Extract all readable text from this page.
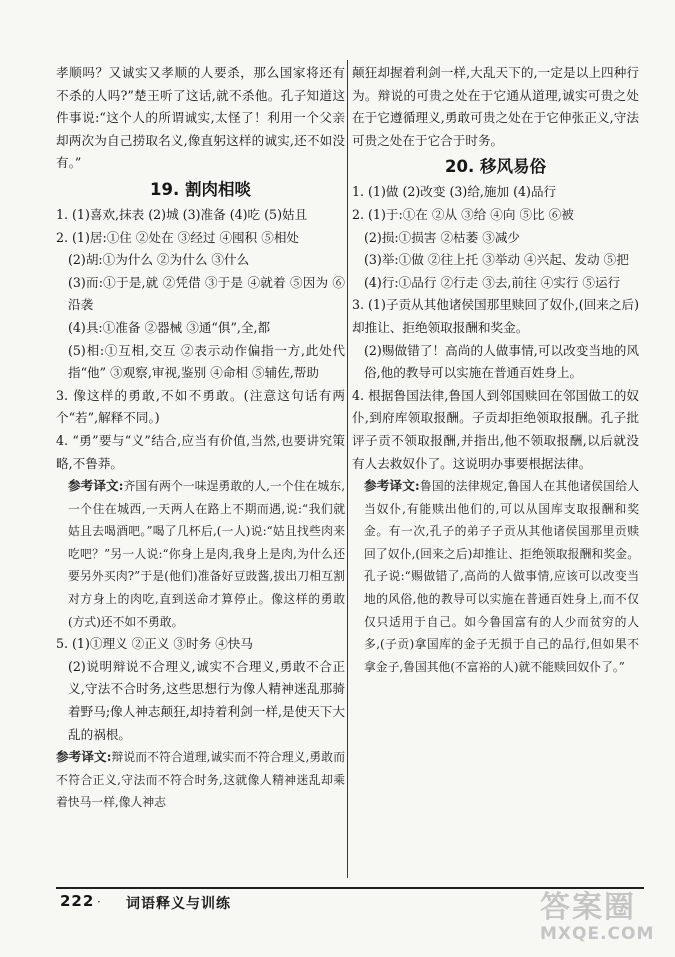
孝顺吗？又诚实又孝顺的人要杀，那么国家将还有不杀的人吗?”楚王听了这话,就不杀他。孔子知道这件事说:“这个人的所谓诚实,太怪了！利用一个父亲却两次为自己捞取名义,像直躬这样的诚实,还不如没有。”

19. 割肉相啖

1. (1)喜欢,抹表 (2)城 (3)准备 (4)吃 (5)姑且

2. (1)居:①住 ②处在 ③经过 ④囤积 ⑤相处

(2)胡:①为什么 ②为什么 ③什么

(3)而:①于是,就 ②凭借 ③于是 ④就着 ⑤因为 ⑥沿袭

(4)具:①准备 ②器械 ③通“俱”,全,都

(5)相:①互相,交互 ②表示动作偏指一方,此处代指“他” ③观察,审视,鉴别 ④命相 ⑤辅佐,帮助

3. 像这样的勇敢,不如不勇敢。(注意这句话有两个“若”,解释不同。)

4. “勇”要与“义”结合,应当有价值,当然,也要讲究策略,不鲁莽。

参考译文:齐国有两个一味逞勇敢的人,一个住在城东,一个住在城西,一天两人在路上不期而遇,说:“我们就姑且去喝酒吧。”喝了几杯后,(一人)说:“姑且找些肉来吃吧？”另一人说:“你身上是肉,我身上是肉,为什么还要另外买肉?”于是(他们)准备好豆豉酱,拔出刀相互割对方身上的肉吃,直到送命才算停止。像这样的勇敢(方式)还不如不勇敢。

5. (1)①理义 ②正义 ③时务 ④快马

(2)说明辩说不合理义,诚实不合理义,勇敢不合正义,守法不合时务,这些思想行为像人精神迷乱那骑着野马;像人神志颠狂,却持着利剑一样,是使天下大乱的祸根。

参考译文:辩说而不符合道理,诚实而不符合理义,勇敢而不符合正义,守法而不符合时务,这就像人精神迷乱却乘着快马一样,像人神志

颠狂却握着利剑一样,大乱天下的,一定是以上四种行为。辩说的可贵之处在于它通从道理,诚实可贵之处在于它遵循理义,勇敢可贵之处在于它伸张正义,守法可贵之处在于它合于时务。

20. 移风易俗

1. (1)做 (2)改变 (3)给,施加 (4)品行

2. (1)于:①在 ②从 ③给 ④向 ⑤比 ⑥被

(2)损:①损害 ②枯萎 ③减少

(3)举:①做 ②往上托 ③举动 ④兴起、发动 ⑤把

(4)行:①品行 ②行走 ③去,前往 ④实行 ⑤运行

3. (1)子贡从其他诸侯国那里赎回了奴仆,(回来之后)却推让、拒绝领取报酬和奖金。

(2)赐做错了！高尚的人做事情,可以改变当地的风俗,他的教导可以实施在普通百姓身上。

4. 根据鲁国法律,鲁国人到邻国赎回在邻国做工的奴仆,到府库领取报酬。子贡却拒绝领取报酬。孔子批评子贡不领取报酬,并指出,他不领取报酬,以后就没有人去救奴仆了。这说明办事要根据法律。

参考译文:鲁国的法律规定,鲁国人在其他诸侯国给人当奴仆,有能赎出他们的,可以从国库支取报酬和奖金。有一次,孔子的弟子子贡从其他诸侯国那里贡赎回了奴仆,(回来之后)却推让、拒绝领取报酬和奖金。孔子说:“赐做错了,高尚的人做事情,应该可以改变当地的风俗,他的教导可以实施在普通百姓身上,而不仅仅只适用于自己。如今鲁国富有的人少而贫穷的人多,(子贡)拿国库的金子无损于自己的品行,但如果不拿金子,鲁国其他(不富裕的人)就不能赎回奴仆了。”

222 · 词语释义与训练	答案圈
MXQE.COM
